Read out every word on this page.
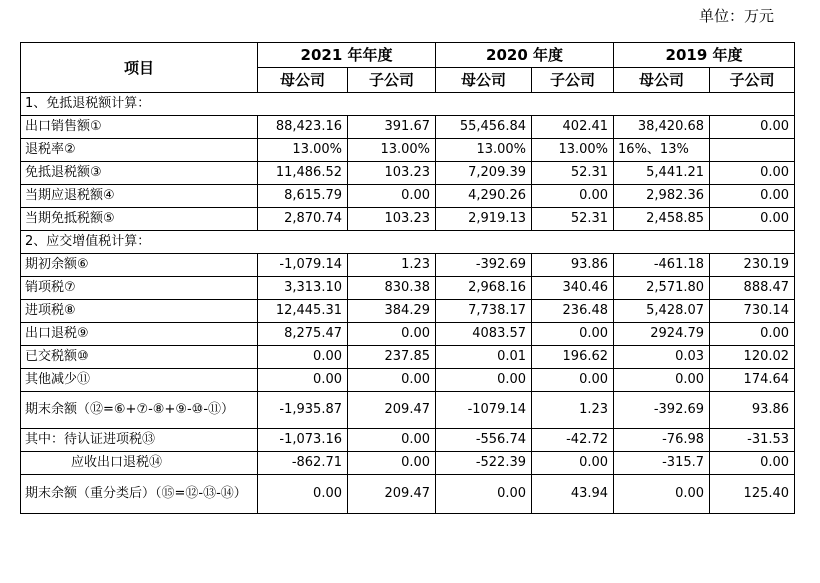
单位：万元
项目	2021 年年度		2020 年度		2019 年度	
	母公司	子公司	母公司	子公司	母公司	子公司
1、免抵退税额计算：						
出口销售额①	88,423.16	391.67	55,456.84	402.41	38,420.68	0.00
退税率②	13.00%	13.00%	13.00%	13.00%	16%、13%	
免抵退税额③	11,486.52	103.23	7,209.39	52.31	5,441.21	0.00
当期应退税额④	8,615.79	0.00	4,290.26	0.00	2,982.36	0.00
当期免抵税额⑤	2,870.74	103.23	2,919.13	52.31	2,458.85	0.00
2、应交增值税计算：						
期初余额⑥	-1,079.14	1.23	-392.69	93.86	-461.18	230.19
销项税⑦	3,313.10	830.38	2,968.16	340.46	2,571.80	888.47
进项税⑧	12,445.31	384.29	7,738.17	236.48	5,428.07	730.14
出口退税⑨	8,275.47	0.00	4083.57	0.00	2924.79	0.00
已交税额⑩	0.00	237.85	0.01	196.62	0.03	120.02
其他减少⑪	0.00	0.00	0.00	0.00	0.00	174.64
期末余额（⑫=⑥+⑦-⑧+⑨-⑩-⑪）	-1,935.87	209.47	-1079.14	1.23	-392.69	93.86
其中：待认证进项税⑬	-1,073.16	0.00	-556.74	-42.72	-76.98	-31.53
应收出口退税⑭	-862.71	0.00	-522.39	0.00	-315.7	0.00
期末余额（重分类后）（⑮=⑫-⑬-⑭）	0.00	209.47	0.00	43.94	0.00	125.40
